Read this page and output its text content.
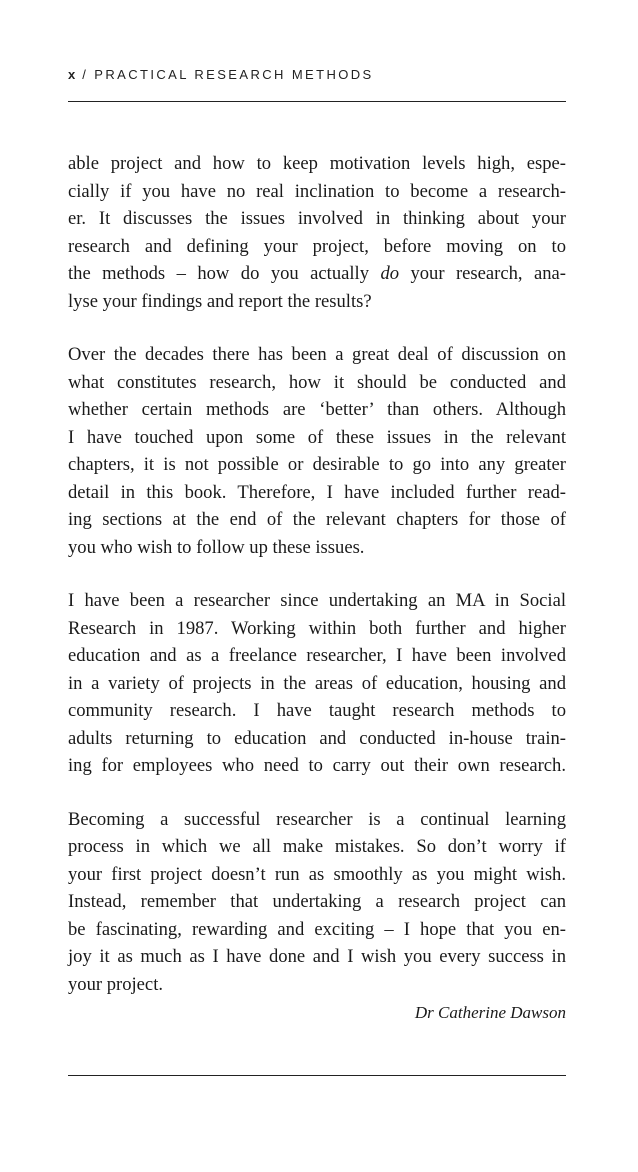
x / PRACTICAL RESEARCH METHODS
able project and how to keep motivation levels high, espe-
cially if you have no real inclination to become a research-
er. It discusses the issues involved in thinking about your
research and defining your project, before moving on to
the methods – how do you actually do your research, ana-
lyse your findings and report the results?
Over the decades there has been a great deal of discussion on
what constitutes research, how it should be conducted and
whether certain methods are ‘better’ than others. Although
I have touched upon some of these issues in the relevant
chapters, it is not possible or desirable to go into any greater
detail in this book. Therefore, I have included further read-
ing sections at the end of the relevant chapters for those of
you who wish to follow up these issues.
I have been a researcher since undertaking an MA in Social
Research in 1987. Working within both further and higher
education and as a freelance researcher, I have been involved
in a variety of projects in the areas of education, housing and
community research. I have taught research methods to
adults returning to education and conducted in-house train-
ing for employees who need to carry out their own research.
Becoming a successful researcher is a continual learning
process in which we all make mistakes. So don’t worry if
your first project doesn’t run as smoothly as you might wish.
Instead, remember that undertaking a research project can
be fascinating, rewarding and exciting – I hope that you en-
joy it as much as I have done and I wish you every success in
your project.
Dr Catherine Dawson
